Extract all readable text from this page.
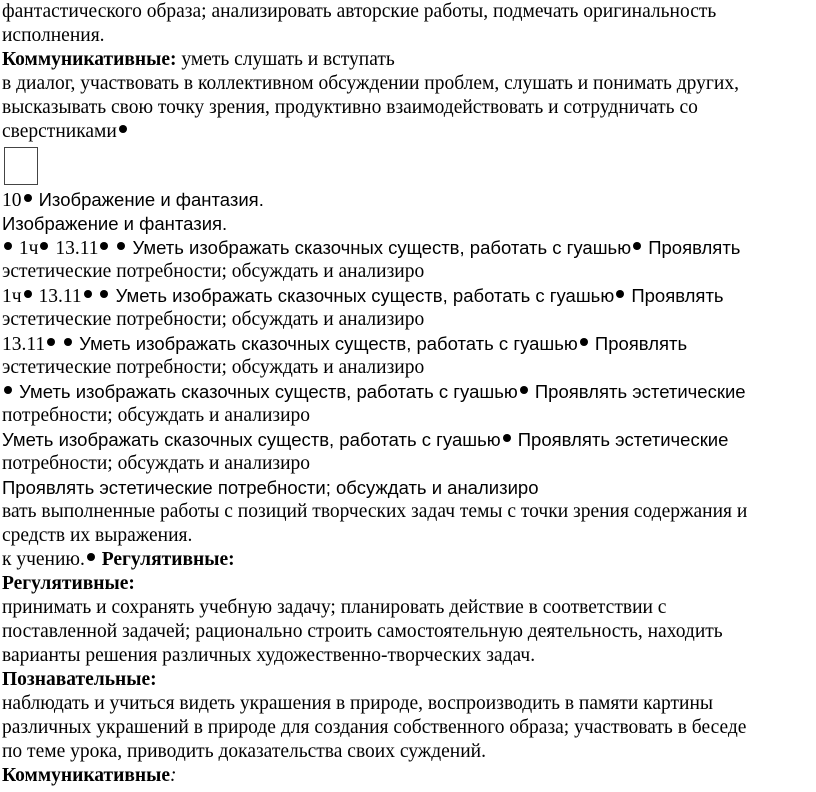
фантастического образа; анализировать авторские работы, подмечать оригинальность
исполнения.
Коммуникативные: уметь слушать и вступать
в диалог, участвовать в коллективном обсуждении проблем, слушать и понимать других,
высказывать свою точку зрения, продуктивно взаимодействовать и сотрудничать со
сверстниками
10 Изображение и фантазия.
Изображение и фантазия.
1ч 13.11  Уметь изображать сказочных существ, работать с гуашью Проявлять
эстетические потребности; обсуждать и анализиро
1ч 13.11  Уметь изображать сказочных существ, работать с гуашью Проявлять
эстетические потребности; обсуждать и анализиро
13.11  Уметь изображать сказочных существ, работать с гуашью Проявлять
эстетические потребности; обсуждать и анализиро
Уметь изображать сказочных существ, работать с гуашью Проявлять эстетические
потребности; обсуждать и анализиро
Уметь изображать сказочных существ, работать с гуашью Проявлять эстетические
потребности; обсуждать и анализиро
Проявлять эстетические потребности; обсуждать и анализиро
вать выполненные работы с позиций творческих задач темы с точки зрения содержания и
средств их выражения.
к учению. Регулятивные:
Регулятивные:
принимать и сохранять учебную задачу; планировать действие в соответствии с
поставленной задачей; рационально строить самостоятельную деятельность, находить
варианты решения различных художественно-творческих задач.
Познавательные:
наблюдать и учиться видеть украшения в природе, воспроизводить в памяти картины
различных украшений в природе для создания собственного образа; участвовать в беседе
по теме урока, приводить доказательства своих суждений.
Коммуникативные:
